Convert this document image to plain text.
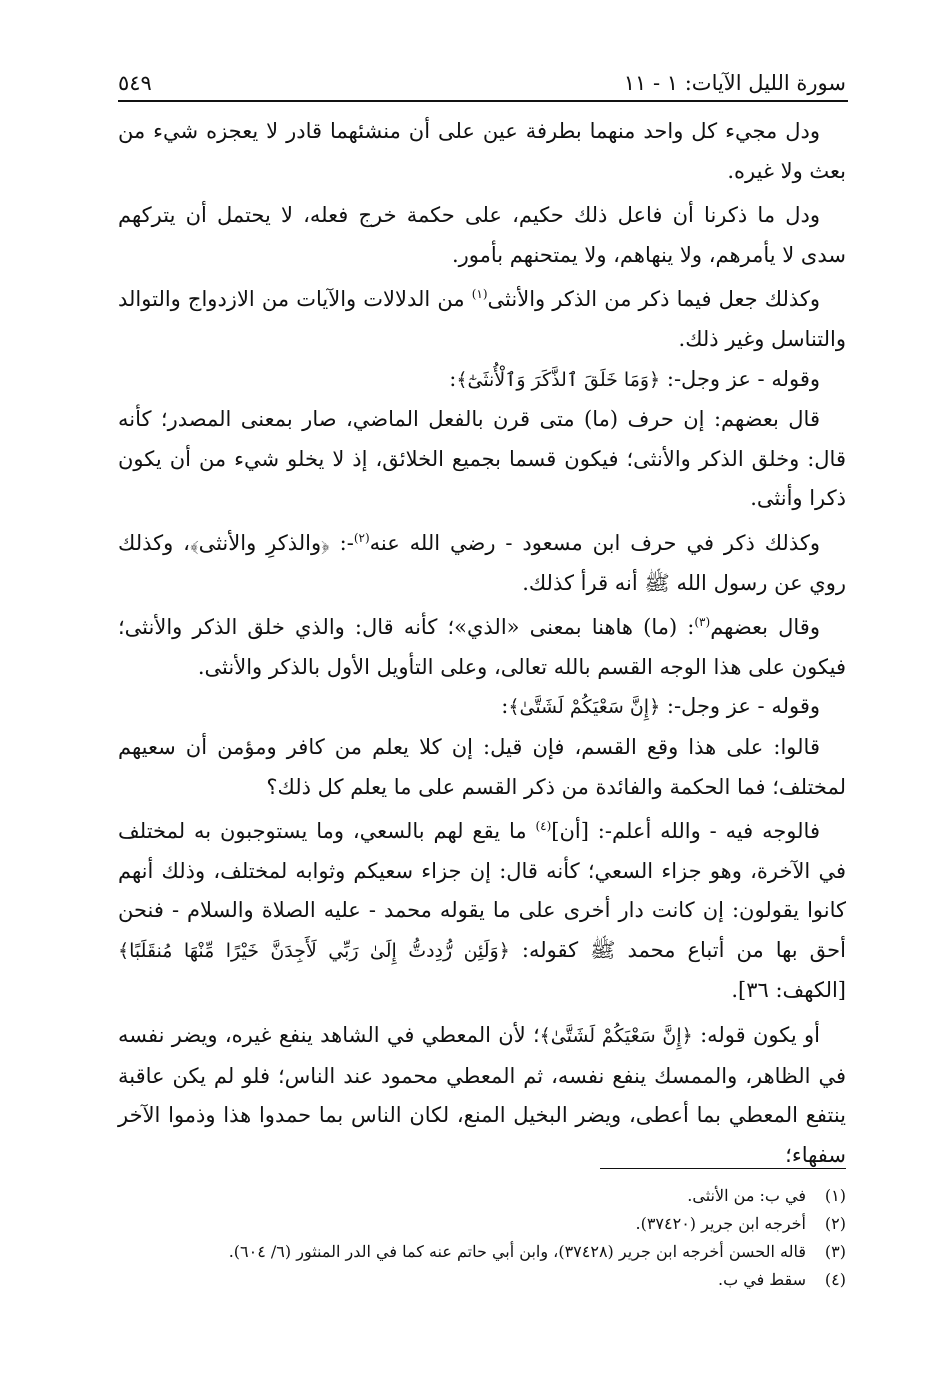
سورة الليل الآيات: ١ - ١١
٥٤٩

ودل مجيء كل واحد منهما بطرفة عين على أن منشئهما قادر لا يعجزه شيء من بعث ولا غيره.

ودل ما ذكرنا أن فاعل ذلك حكيم، على حكمة خرج فعله، لا يحتمل أن يتركهم سدى لا يأمرهم، ولا ينهاهم، ولا يمتحنهم بأمور.

وكذلك جعل فيما ذكر من الذكر والأنثى$^{(١)}$ من الدلالات والآيات من الازدواج والتوالد والتناسل وغير ذلك.

وقوله - عز وجل-: ﴿وَمَا خَلَقَ ٱلذَّكَرَ وَٱلْأُنثَىٰٓ﴾:

قال بعضهم: إن حرف (ما) متى قرن بالفعل الماضي، صار بمعنى المصدر؛ كأنه قال: وخلق الذكر والأنثى؛ فيكون قسما بجميع الخلائق، إذ لا يخلو شيء من أن يكون ذكرا وأنثى.

وكذلك ذكر في حرف ابن مسعود - رضي الله عنه$^{(٢)}$-: ﴿والذكرِ والأنثى﴾، وكذلك روي عن رسول الله ﷺ أنه قرأ كذلك.

وقال بعضهم$^{(٣)}$: (ما) هاهنا بمعنى «الذي»؛ كأنه قال: والذي خلق الذكر والأنثى؛ فيكون على هذا الوجه القسم بالله تعالى، وعلى التأويل الأول بالذكر والأنثى.

وقوله - عز وجل-: ﴿إِنَّ سَعْيَكُمْ لَشَتَّىٰ﴾:

قالوا: على هذا وقع القسم، فإن قيل: إن كلا يعلم من كافر ومؤمن أن سعيهم لمختلف؛ فما الحكمة والفائدة من ذكر القسم على ما يعلم كل ذلك؟

فالوجه فيه - والله أعلم-: [أن]$^{(٤)}$ ما يقع لهم بالسعي، وما يستوجبون به لمختلف في الآخرة، وهو جزاء السعي؛ كأنه قال: إن جزاء سعيكم وثوابه لمختلف، وذلك أنهم كانوا يقولون: إن كانت دار أخرى على ما يقوله محمد - عليه الصلاة والسلام - فنحن أحق بها من أتباع محمد ﷺ كقوله: ﴿وَلَئِن رُّدِدتُّ إِلَىٰ رَبِّي لَأَجِدَنَّ خَيْرًا مِّنْهَا مُنقَلَبًا﴾ [الكهف: ٣٦].

أو يكون قوله: ﴿إِنَّ سَعْيَكُمْ لَشَتَّىٰ﴾؛ لأن المعطي في الشاهد ينفع غيره، ويضر نفسه في الظاهر، والممسك ينفع نفسه، ثم المعطي محمود عند الناس؛ فلو لم يكن عاقبة ينتفع المعطي بما أعطى، ويضر البخيل المنع، لكان الناس بما حمدوا هذا وذموا الآخر سفهاء؛

(١)
في ب: من الأنثى.
(٢)
أخرجه ابن جرير (٣٧٤٢٠).
(٣)
قاله الحسن أخرجه ابن جرير (٣٧٤٢٨)، وابن أبي حاتم عنه كما في الدر المنثور (٦/ ٦٠٤).
(٤)
سقط في ب.
